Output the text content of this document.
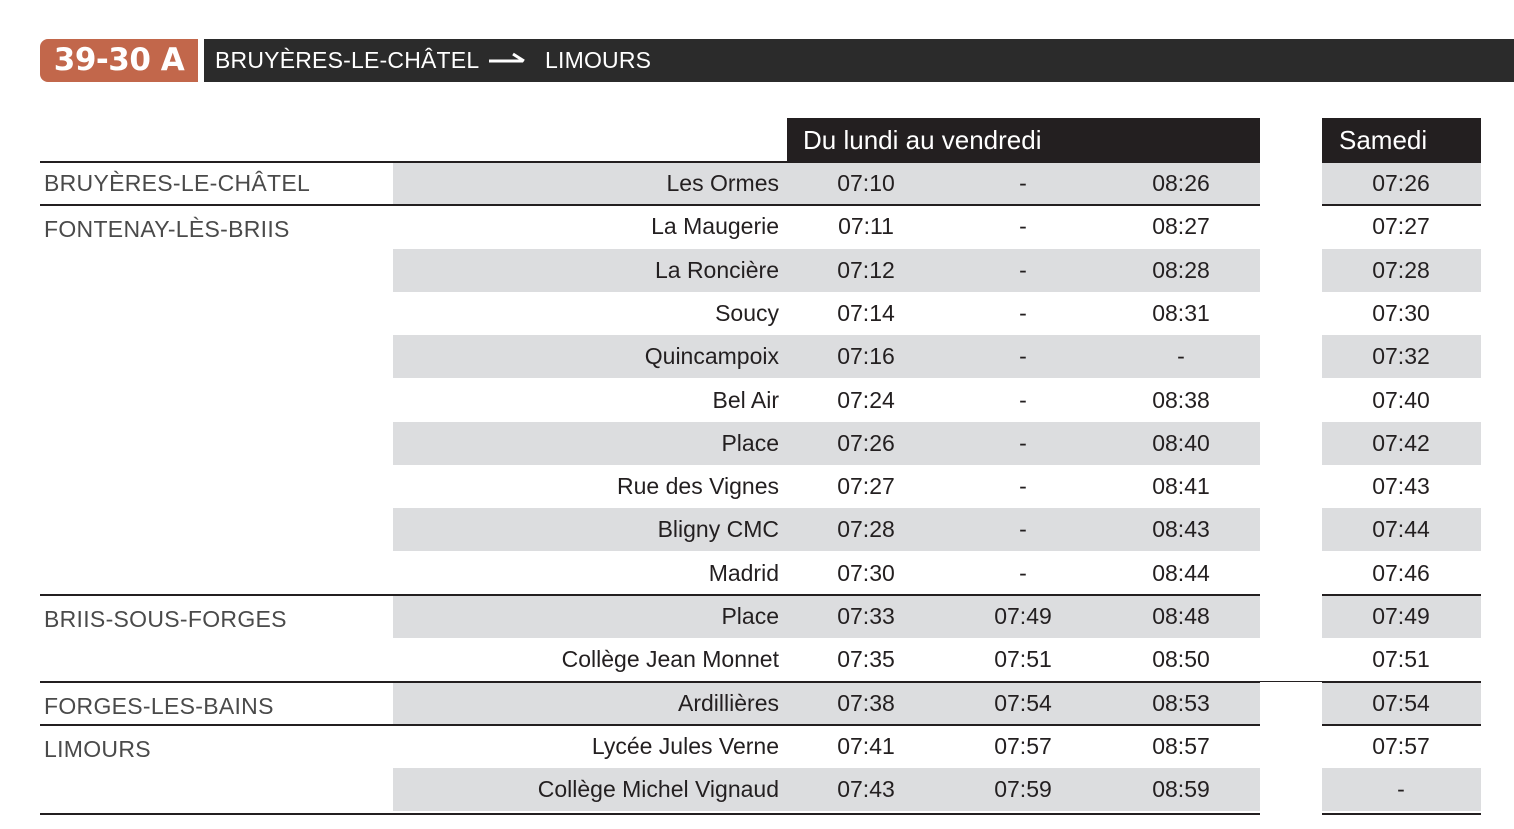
39-30 A	BRUYÈRES-LE-CHÂTEL	LIMOURS
Du lundi au vendredi	Samedi
BRUYÈRES-LE-CHÂTEL	Les Ormes	07:10	-	08:26	07:26
FONTENAY-LÈS-BRIIS	La Maugerie	07:11	-	08:27	07:27
La Roncière	07:12	-	08:28	07:28
Soucy	07:14	-	08:31	07:30
Quincampoix	07:16	-	-	07:32
Bel Air	07:24	-	08:38	07:40
Place	07:26	-	08:40	07:42
Rue des Vignes	07:27	-	08:41	07:43
Bligny CMC	07:28	-	08:43	07:44
Madrid	07:30	-	08:44	07:46
BRIIS-SOUS-FORGES	Place	07:33	07:49	08:48	07:49
Collège Jean Monnet	07:35	07:51	08:50	07:51
FORGES-LES-BAINS	Ardillières	07:38	07:54	08:53	07:54
LIMOURS	Lycée Jules Verne	07:41	07:57	08:57	07:57
Collège Michel Vignaud	07:43	07:59	08:59	-
